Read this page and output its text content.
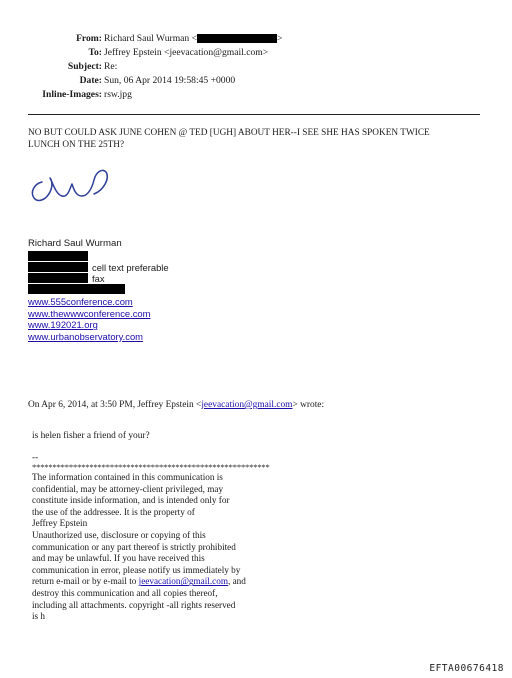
From: Richard Saul Wurman <	>
To: Jeffrey Epstein <jeevacation@gmail.com>
Subject: Re:
Date: Sun, 06 Apr 2014 19:58:45 +0000
Inline-Images: rsw.jpg
NO BUT COULD ASK JUNE COHEN @ TED [UGH] ABOUT HER--I SEE SHE HAS SPOKEN TWICE
LUNCH ON THE 25TH?
Richard Saul Wurman
cell text preferable
fax
www.555conference.com
www.thewwwconference.com
www.192021.org
www.urbanobservatory.com
On Apr 6, 2014, at 3:50 PM, Jeffrey Epstein <jeevacation@gmail.com> wrote:
is helen fisher a friend of your?
--
**********************************************************
The information contained in this communication is
confidential, may be attorney-client privileged, may
constitute inside information, and is intended only for
the use of the addressee. It is the property of
Jeffrey Epstein
Unauthorized use, disclosure or copying of this
communication or any part thereof is strictly prohibited
and may be unlawful. If you have received this
communication in error, please notify us immediately by
return e-mail or by e-mail to jeevacation@gmail.com, and
destroy this communication and all copies thereof,
including all attachments. copyright -all rights reserved
is h
EFTA00676418
